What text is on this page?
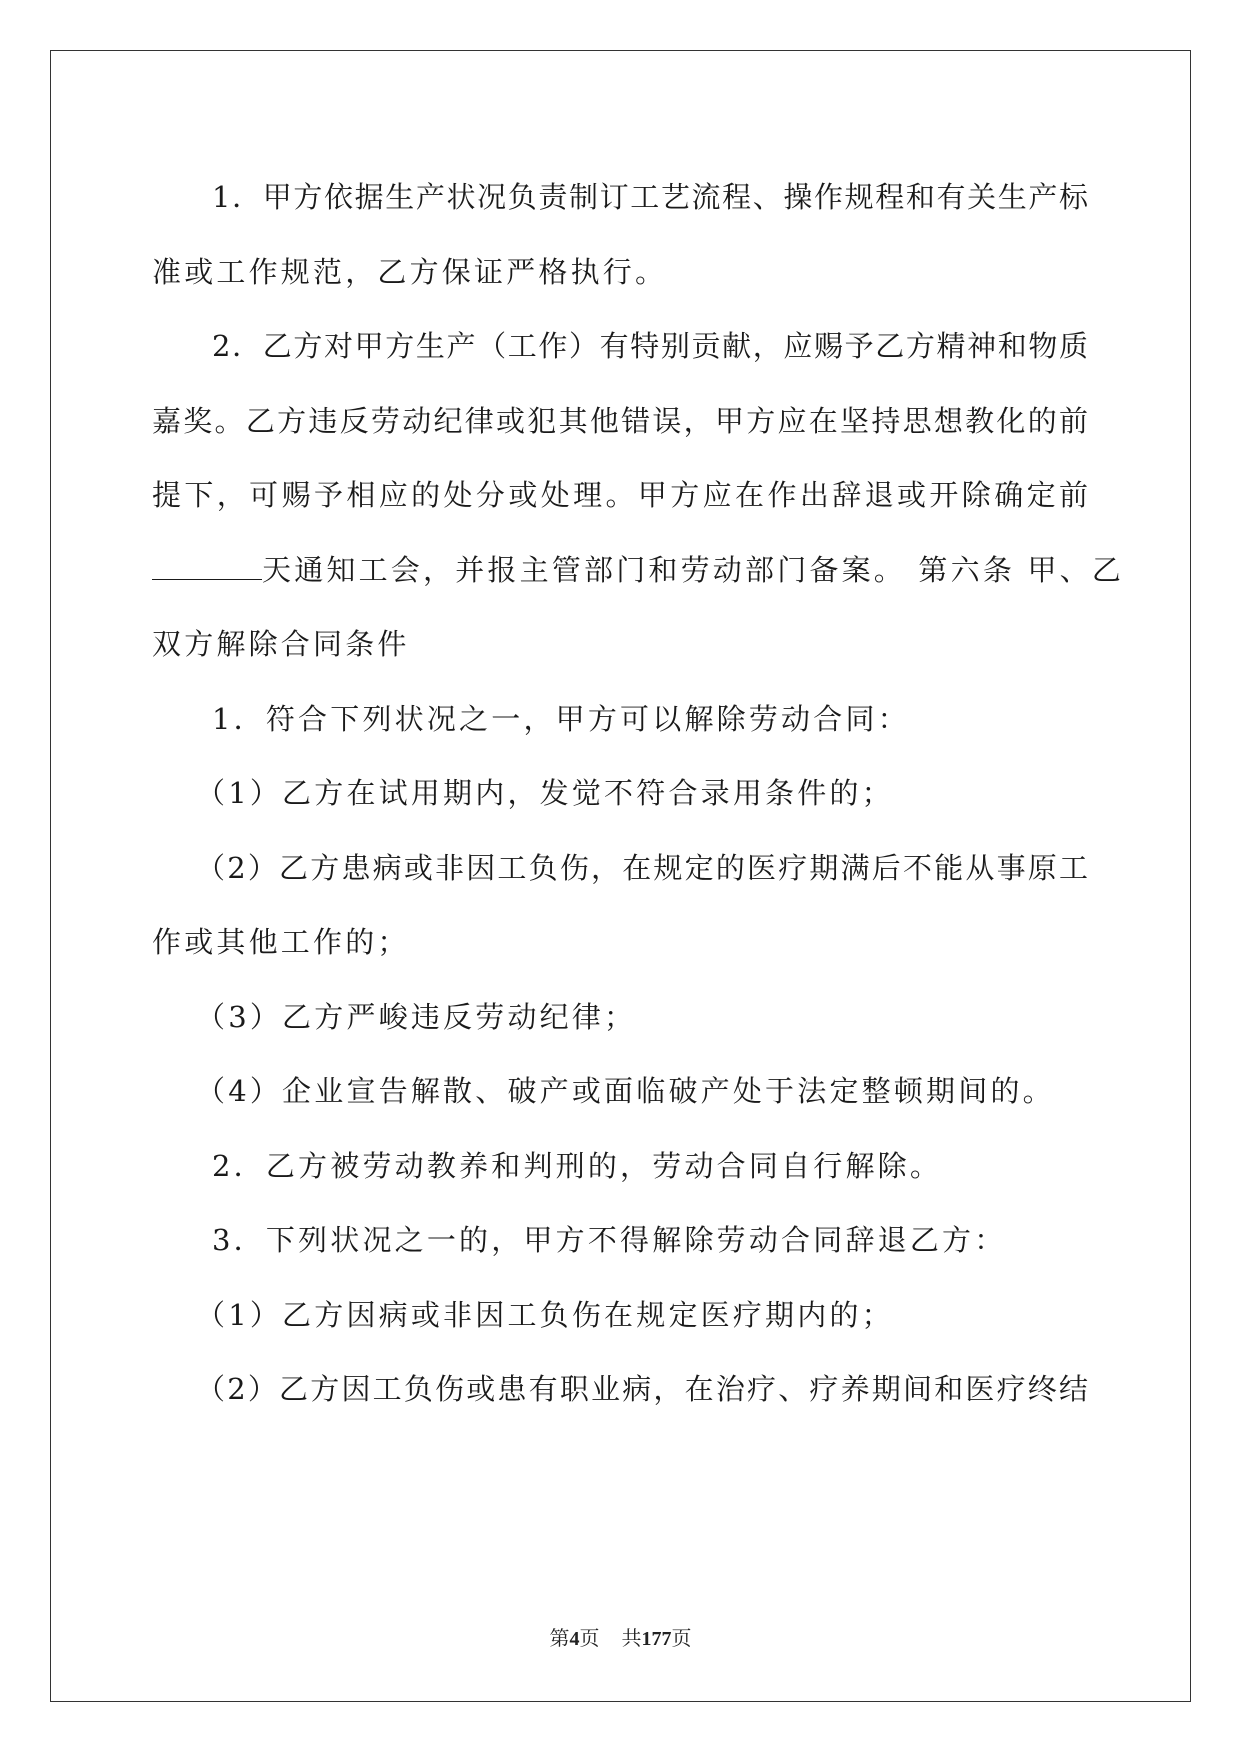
1．甲方依据生产状况负责制订工艺流程、操作规程和有关生产标
准或工作规范，乙方保证严格执行。
2．乙方对甲方生产（工作）有特别贡献，应赐予乙方精神和物质
嘉奖。乙方违反劳动纪律或犯其他错误，甲方应在坚持思想教化的前
提下，可赐予相应的处分或处理。甲方应在作出辞退或开除确定前
天通知工会，并报主管部门和劳动部门备案。 第六条 甲、乙
双方解除合同条件
1．符合下列状况之一，甲方可以解除劳动合同：
（1）乙方在试用期内，发觉不符合录用条件的；
（2）乙方患病或非因工负伤，在规定的医疗期满后不能从事原工
作或其他工作的；
（3）乙方严峻违反劳动纪律；
（4）企业宣告解散、破产或面临破产处于法定整顿期间的。
2．乙方被劳动教养和判刑的，劳动合同自行解除。
3．下列状况之一的，甲方不得解除劳动合同辞退乙方：
（1）乙方因病或非因工负伤在规定医疗期内的；
（2）乙方因工负伤或患有职业病，在治疗、疗养期间和医疗终结
第4页 共177页
